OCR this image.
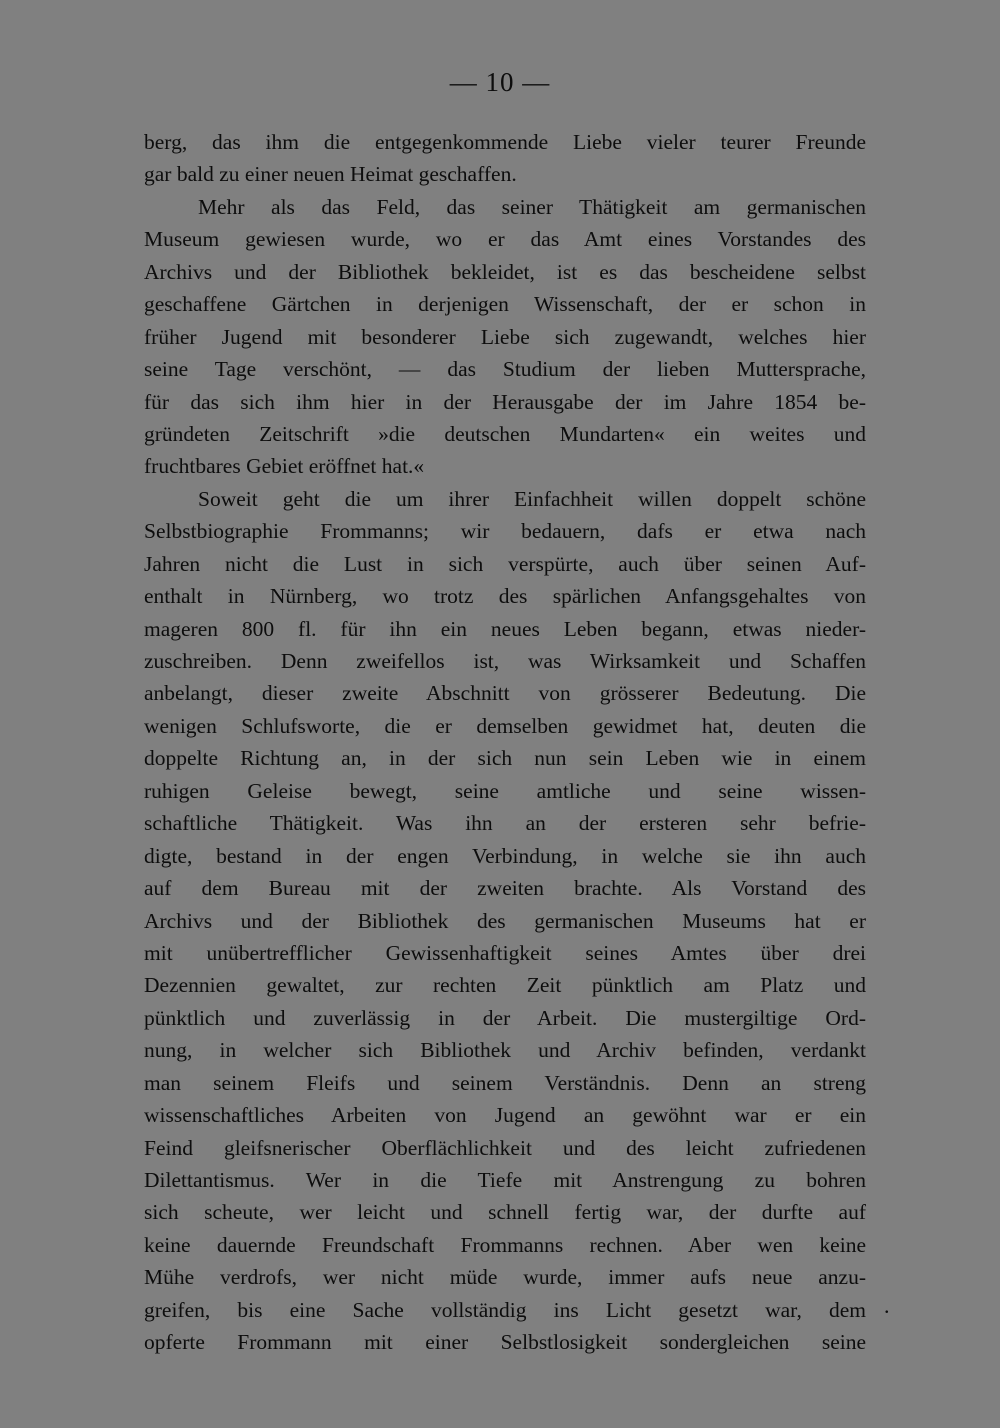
— 10 —
berg, das ihm die entgegenkommende Liebe vieler teurer Freunde
gar bald zu einer neuen Heimat geschaffen.
Mehr als das Feld, das seiner Thätigkeit am germanischen
Museum gewiesen wurde, wo er das Amt eines Vorstandes des
Archivs und der Bibliothek bekleidet, ist es das bescheidene selbst
geschaffene Gärtchen in derjenigen Wissenschaft, der er schon in
früher Jugend mit besonderer Liebe sich zugewandt, welches hier
seine Tage verschönt, — das Studium der lieben Muttersprache,
für das sich ihm hier in der Herausgabe der im Jahre 1854 be-
gründeten Zeitschrift »die deutschen Mundarten« ein weites und
fruchtbares Gebiet eröffnet hat.«
Soweit geht die um ihrer Einfachheit willen doppelt schöne
Selbstbiographie Frommanns; wir bedauern, dafs er etwa nach
Jahren nicht die Lust in sich verspürte, auch über seinen Auf-
enthalt in Nürnberg, wo trotz des spärlichen Anfangsgehaltes von
mageren 800 fl. für ihn ein neues Leben begann, etwas nieder-
zuschreiben. Denn zweifellos ist, was Wirksamkeit und Schaffen
anbelangt, dieser zweite Abschnitt von grösserer Bedeutung. Die
wenigen Schlufsworte, die er demselben gewidmet hat, deuten die
doppelte Richtung an, in der sich nun sein Leben wie in einem
ruhigen Geleise bewegt, seine amtliche und seine wissen-
schaftliche Thätigkeit. Was ihn an der ersteren sehr befrie-
digte, bestand in der engen Verbindung, in welche sie ihn auch
auf dem Bureau mit der zweiten brachte. Als Vorstand des
Archivs und der Bibliothek des germanischen Museums hat er
mit unübertrefflicher Gewissenhaftigkeit seines Amtes über drei
Dezennien gewaltet, zur rechten Zeit pünktlich am Platz und
pünktlich und zuverlässig in der Arbeit. Die mustergiltige Ord-
nung, in welcher sich Bibliothek und Archiv befinden, verdankt
man seinem Fleifs und seinem Verständnis. Denn an streng
wissenschaftliches Arbeiten von Jugend an gewöhnt war er ein
Feind gleifsnerischer Oberflächlichkeit und des leicht zufriedenen
Dilettantismus. Wer in die Tiefe mit Anstrengung zu bohren
sich scheute, wer leicht und schnell fertig war, der durfte auf
keine dauernde Freundschaft Frommanns rechnen. Aber wen keine
Mühe verdrofs, wer nicht müde wurde, immer aufs neue anzu-
greifen, bis eine Sache vollständig ins Licht gesetzt war, dem
opferte Frommann mit einer Selbstlosigkeit sondergleichen seine
.
